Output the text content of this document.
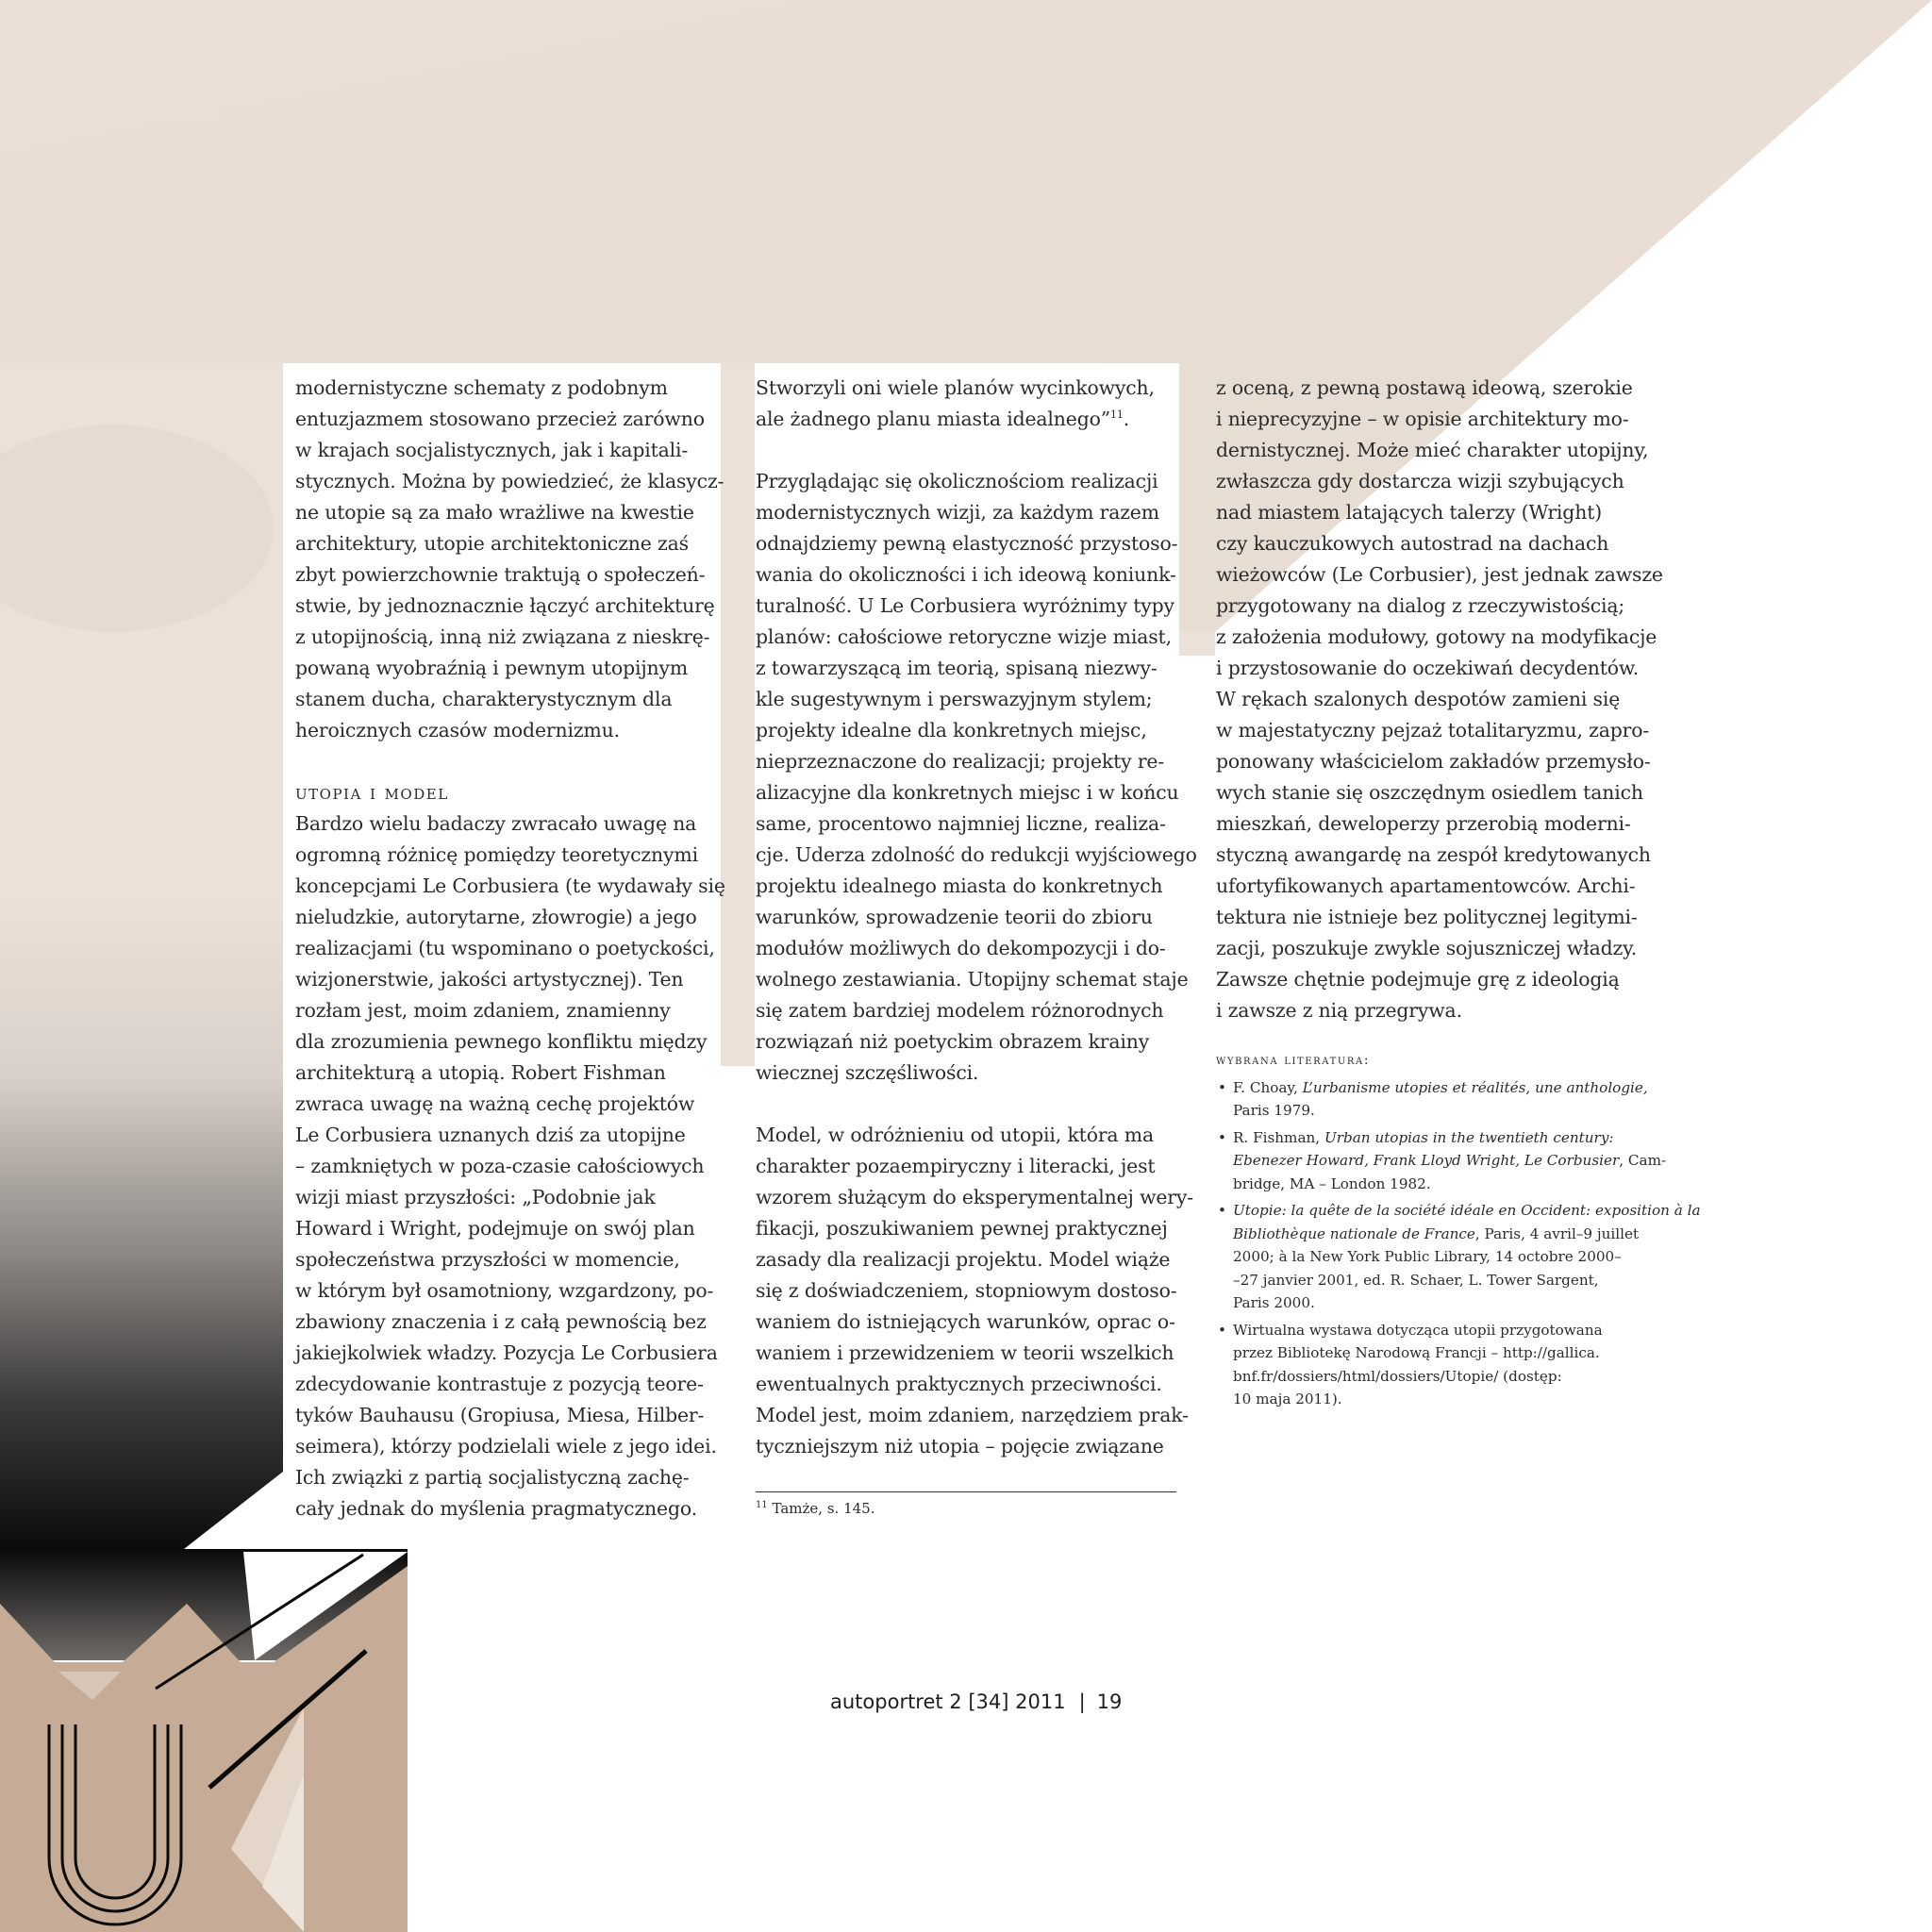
modernistyczne schematy z podobnym
entuzjazmem stosowano przecież zarówno
w krajach socjalistycznych, jak i kapitali-
stycznych. Można by powiedzieć, że klasycz-
ne utopie są za mało wrażliwe na kwestie
architektury, utopie architektoniczne zaś
zbyt powierzchownie traktują o społeczeń-
stwie, by jednoznacznie łączyć architekturę
z utopijnością, inną niż związana z nieskrę-
powaną wyobraźnią i pewnym utopijnym
stanem ducha, charakterystycznym dla
heroicznych czasów modernizmu.
utopia i model
Bardzo wielu badaczy zwracało uwagę na
ogromną różnicę pomiędzy teoretycznymi
koncepcjami Le Corbusiera (te wydawały się
nieludzkie, autorytarne, złowrogie) a jego
realizacjami (tu wspominano o poetyckości,
wizjonerstwie, jakości artystycznej). Ten
rozłam jest, moim zdaniem, znamienny
dla zrozumienia pewnego konfliktu między
architekturą a utopią. Robert Fishman
zwraca uwagę na ważną cechę projektów
Le Corbusiera uznanych dziś za utopijne
– zamkniętych w poza-czasie całościowych
wizji miast przyszłości: „Podobnie jak
Howard i Wright, podejmuje on swój plan
społeczeństwa przyszłości w momencie,
w którym był osamotniony, wzgardzony, po-
zbawiony znaczenia i z całą pewnością bez
jakiejkolwiek władzy. Pozycja Le Corbusiera
zdecydowanie kontrastuje z pozycją teore-
tyków Bauhausu (Gropiusa, Miesa, Hilber-
seimera), którzy podzielali wiele z jego idei.
Ich związki z partią socjalistyczną zachę-
cały jednak do myślenia pragmatycznego.
Stworzyli oni wiele planów wycinkowych,
ale żadnego planu miasta idealnego”$^{11}$.
Przyglądając się okolicznościom realizacji
modernistycznych wizji, za każdym razem
odnajdziemy pewną elastyczność przystoso-
wania do okoliczności i ich ideową koniunk-
turalność. U Le Corbusiera wyróżnimy typy
planów: całościowe retoryczne wizje miast,
z towarzyszącą im teorią, spisaną niezwy-
kle sugestywnym i perswazyjnym stylem;
projekty idealne dla konkretnych miejsc,
nieprzeznaczone do realizacji; projekty re-
alizacyjne dla konkretnych miejsc i w końcu
same, procentowo najmniej liczne, realiza-
cje. Uderza zdolność do redukcji wyjściowego
projektu idealnego miasta do konkretnych
warunków, sprowadzenie teorii do zbioru
modułów możliwych do dekompozycji i do-
wolnego zestawiania. Utopijny schemat staje
się zatem bardziej modelem różnorodnych
rozwiązań niż poetyckim obrazem krainy
wiecznej szczęśliwości.
Model, w odróżnieniu od utopii, która ma
charakter pozaempiryczny i literacki, jest
wzorem służącym do eksperymentalnej wery-
fikacji, poszukiwaniem pewnej praktycznej
zasady dla realizacji projektu. Model wiąże
się z doświadczeniem, stopniowym dostoso-
waniem do istniejących warunków, oprac o-
waniem i przewidzeniem w teorii wszelkich
ewentualnych praktycznych przeciwności.
Model jest, moim zdaniem, narzędziem prak-
tyczniejszym niż utopia – pojęcie związane
$^{11}$ Tamże, s. 145.
z oceną, z pewną postawą ideową, szerokie
i nieprecyzyjne – w opisie architektury mo-
dernistycznej. Może mieć charakter utopijny,
zwłaszcza gdy dostarcza wizji szybujących
nad miastem latających talerzy (Wright)
czy kauczukowych autostrad na dachach
wieżowców (Le Corbusier), jest jednak zawsze
przygotowany na dialog z rzeczywistością;
z założenia modułowy, gotowy na modyfikacje
i przystosowanie do oczekiwań decydentów.
W rękach szalonych despotów zamieni się
w majestatyczny pejzaż totalitaryzmu, zapro-
ponowany właścicielom zakładów przemysło-
wych stanie się oszczędnym osiedlem tanich
mieszkań, deweloperzy przerobią moderni-
styczną awangardę na zespół kredytowanych
ufortyfikowanych apartamentowców. Archi-
tektura nie istnieje bez politycznej legitymi-
zacji, poszukuje zwykle sojuszniczej władzy.
Zawsze chętnie podejmuje grę z ideologią
i zawsze z nią przegrywa.
wybrana literatura:
• F. Choay, L’urbanisme utopies et réalités, une anthologie,
Paris 1979.
• R. Fishman, Urban utopias in the twentieth century:
Ebenezer Howard, Frank Lloyd Wright, Le Corbusier, Cam-
bridge, MA – London 1982.
• Utopie: la quête de la société idéale en Occident: exposition à la
Bibliothèque nationale de France, Paris, 4 avril–9 juillet
2000; à la New York Public Library, 14 octobre 2000–
–27 janvier 2001, ed. R. Schaer, L. Tower Sargent,
Paris 2000.
• Wirtualna wystawa dotycząca utopii przygotowana
przez Bibliotekę Narodową Francji – http://gallica.
bnf.fr/dossiers/html/dossiers/Utopie/ (dostęp:
10 maja 2011).
autoportret 2 [34] 2011 | 19
